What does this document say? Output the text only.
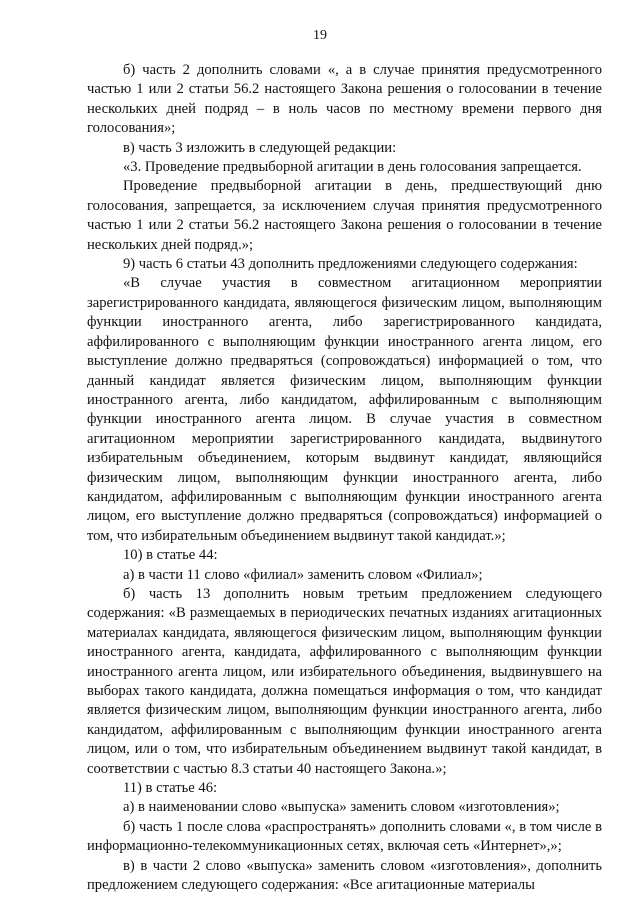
19

б) часть 2 дополнить словами «, а в случае принятия предусмотренного частью 1 или 2 статьи 56.2 настоящего Закона решения о голосовании в течение нескольких дней подряд – в ноль часов по местному времени первого дня голосования»;

в) часть 3 изложить в следующей редакции:

«3. Проведение предвыборной агитации в день голосования запрещается.

Проведение предвыборной агитации в день, предшествующий дню голосования, запрещается, за исключением случая принятия предусмотренного частью 1 или 2 статьи 56.2 настоящего Закона решения о голосовании в течение нескольких дней подряд.»;

9) часть 6 статьи 43 дополнить предложениями следующего содержания:

«В случае участия в совместном агитационном мероприятии зарегистрированного кандидата, являющегося физическим лицом, выполняющим функции иностранного агента, либо зарегистрированного кандидата, аффилированного с выполняющим функции иностранного агента лицом, его выступление должно предваряться (сопровождаться) информацией о том, что данный кандидат является физическим лицом, выполняющим функции иностранного агента, либо кандидатом, аффилированным с выполняющим функции иностранного агента лицом. В случае участия в совместном агитационном мероприятии зарегистрированного кандидата, выдвинутого избирательным объединением, которым выдвинут кандидат, являющийся физическим лицом, выполняющим функции иностранного агента, либо кандидатом, аффилированным с выполняющим функции иностранного агента лицом, его выступление должно предваряться (сопровождаться) информацией о том, что избирательным объединением выдвинут такой кандидат.»;

10) в статье 44:

а) в части 11 слово «филиал» заменить словом «Филиал»;

б) часть 13 дополнить новым третьим предложением следующего содержания: «В размещаемых в периодических печатных изданиях агитационных материалах кандидата, являющегося физическим лицом, выполняющим функции иностранного агента, кандидата, аффилированного с выполняющим функции иностранного агента лицом, или избирательного объединения, выдвинувшего на выборах такого кандидата, должна помещаться информация о том, что кандидат является физическим лицом, выполняющим функции иностранного агента, либо кандидатом, аффилированным с выполняющим функции иностранного агента лицом, или о том, что избирательным объединением выдвинут такой кандидат, в соответствии с частью 8.3 статьи 40 настоящего Закона.»;

11) в статье 46:

а) в наименовании слово «выпуска» заменить словом «изготовления»;

б) часть 1 после слова «распространять» дополнить словами «, в том числе в информационно-телекоммуникационных сетях, включая сеть «Интернет»,»;

в) в части 2 слово «выпуска» заменить словом «изготовления», дополнить предложением следующего содержания: «Все агитационные материалы
